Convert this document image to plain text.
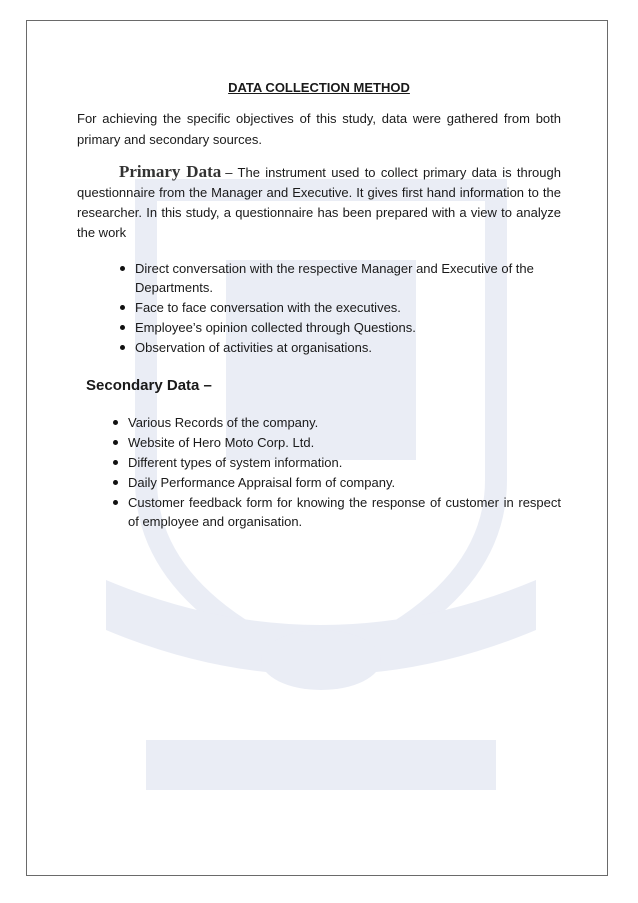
DATA COLLECTION METHOD

For achieving the specific objectives of this study, data were gathered from both primary and secondary sources.

Primary Data – The instrument used to collect primary data is through questionnaire from the Manager and Executive. It gives first hand information to the researcher. In this study, a questionnaire has been prepared with a view to analyze the work

Direct conversation with the respective Manager and Executive of the Departments.
Face to face conversation with the executives.
Employee’s opinion collected through Questions.
Observation of activities at organisations.

Secondary Data –

Various Records of the company.
Website of Hero Moto Corp. Ltd.
Different types of system information.
Daily Performance Appraisal form of company.
Customer feedback form for knowing the response of customer in respect of employee and organisation.
